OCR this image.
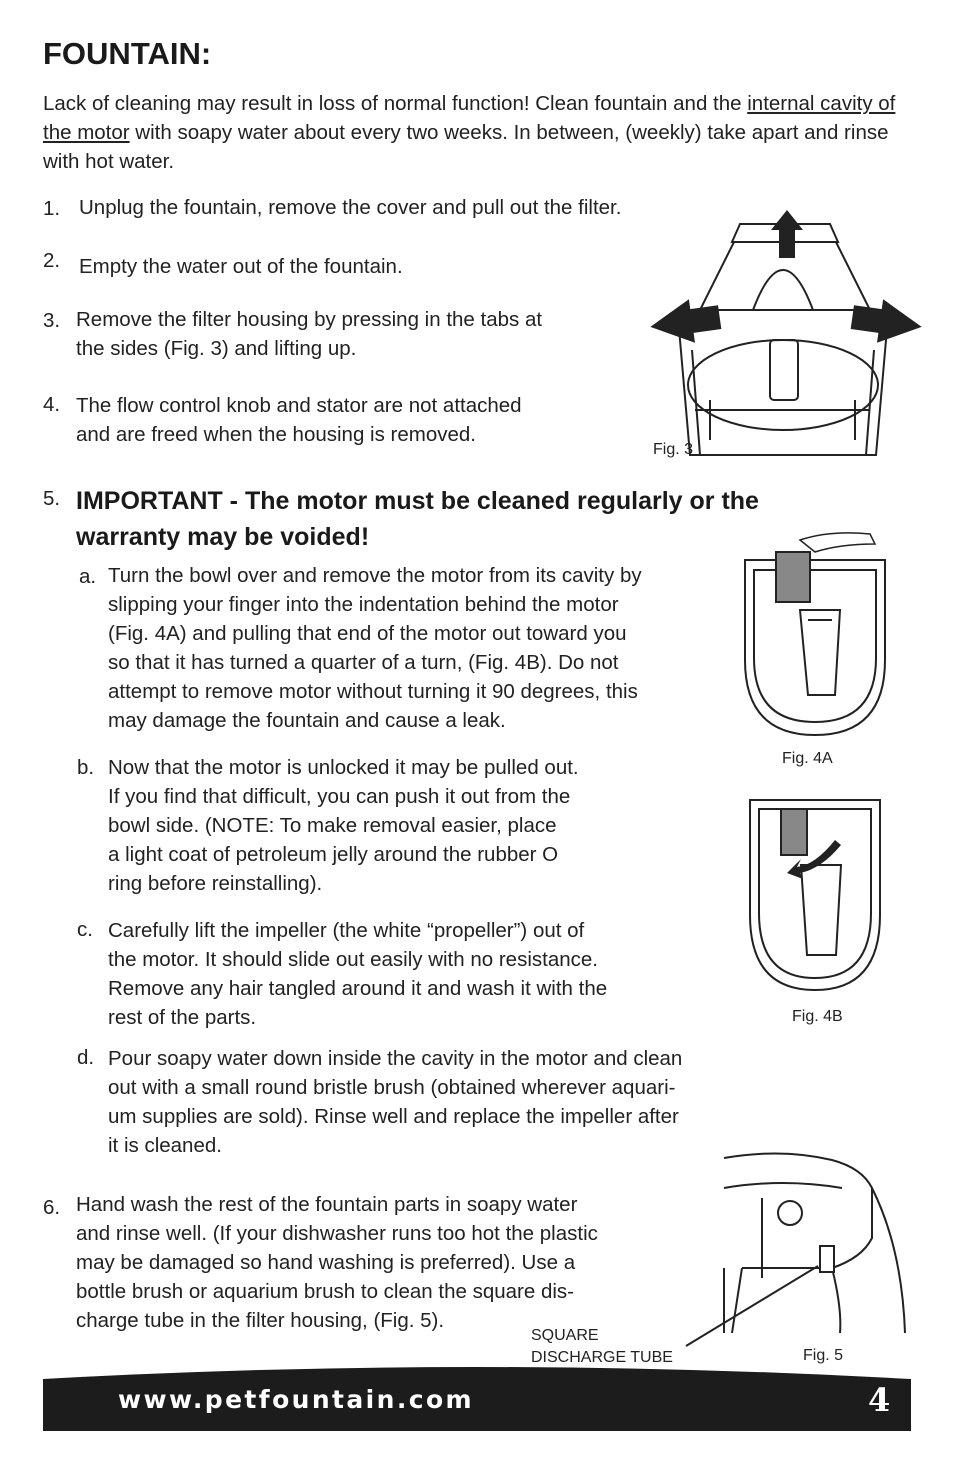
FOUNTAIN:
Lack of cleaning may result in loss of normal function! Clean fountain and the internal cavity of the motor with soapy water about every two weeks. In between, (weekly) take apart and rinse with hot water.
1. Unplug the fountain, remove the cover and pull out the filter.
2. Empty the water out of the fountain.
3. Remove the filter housing by pressing in the tabs at
the sides (Fig. 3) and lifting up.
4. The flow control knob and stator are not attached
and are freed when the housing is removed.
5. IMPORTANT - The motor must be cleaned regularly or the
warranty may be voided!
a. Turn the bowl over and remove the motor from its cavity by
slipping your finger into the indentation behind the motor
(Fig. 4A) and pulling that end of the motor out toward you
so that it has turned a quarter of a turn, (Fig. 4B). Do not
attempt to remove motor without turning it 90 degrees, this
may damage the fountain and cause a leak.
b. Now that the motor is unlocked it may be pulled out.
If you find that difficult, you can push it out from the
bowl side. (NOTE: To make removal easier, place
a light coat of petroleum jelly around the rubber O
ring before reinstalling).
c. Carefully lift the impeller (the white “propeller”) out of
the motor. It should slide out easily with no resistance.
Remove any hair tangled around it and wash it with the
rest of the parts.
d. Pour soapy water down inside the cavity in the motor and clean
out with a small round bristle brush (obtained wherever aquari-
um supplies are sold). Rinse well and replace the impeller after
it is cleaned.
6. Hand wash the rest of the fountain parts in soapy water
and rinse well. (If your dishwasher runs too hot the plastic
may be damaged so hand washing is preferred). Use a
bottle brush or aquarium brush to clean the square dis-
charge tube in the filter housing, (Fig. 5).
Fig. 3
Fig. 4A
Fig. 4B
SQUARE
DISCHARGE TUBE	Fig. 5
www.petfountain.com	4
